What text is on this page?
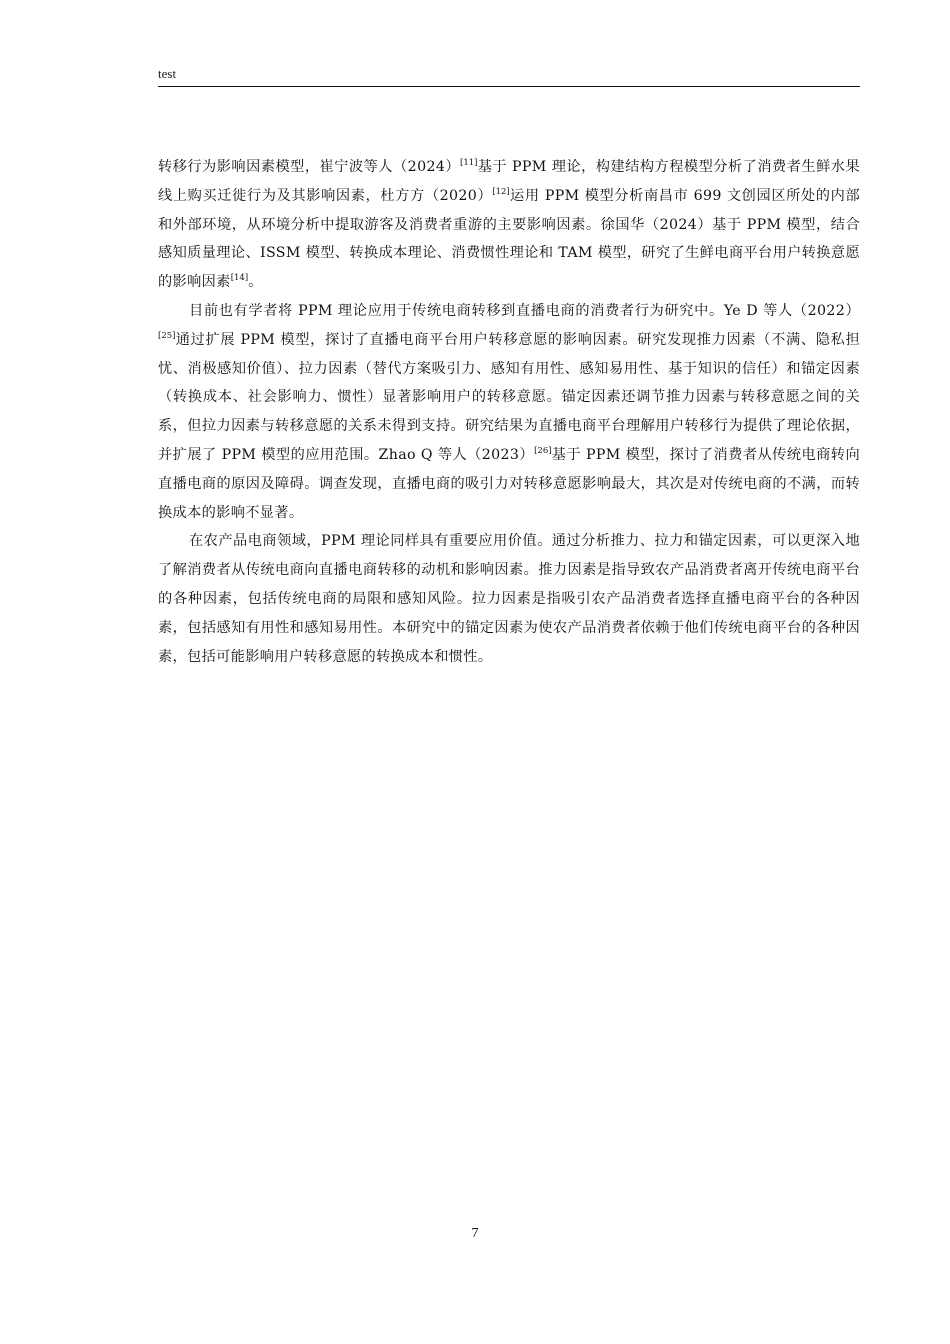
test

转移行为影响因素模型，崔宁波等人（2024）[11]基于 PPM 理论，构建结构方程模型分析了消费者生鲜水果线上购买迁徙行为及其影响因素，杜方方（2020）[12]运用 PPM 模型分析南昌市 699 文创园区所处的内部和外部环境，从环境分析中提取游客及消费者重游的主要影响因素。徐国华（2024）基于 PPM 模型，结合感知质量理论、ISSM 模型、转换成本理论、消费惯性理论和 TAM 模型，研究了生鲜电商平台用户转换意愿的影响因素[14]。

目前也有学者将 PPM 理论应用于传统电商转移到直播电商的消费者行为研究中。Ye D 等人（2022）[25]通过扩展 PPM 模型，探讨了直播电商平台用户转移意愿的影响因素。研究发现推力因素（不满、隐私担忧、消极感知价值）、拉力因素（替代方案吸引力、感知有用性、感知易用性、基于知识的信任）和锚定因素（转换成本、社会影响力、惯性）显著影响用户的转移意愿。锚定因素还调节推力因素与转移意愿之间的关系，但拉力因素与转移意愿的关系未得到支持。研究结果为直播电商平台理解用户转移行为提供了理论依据，并扩展了 PPM 模型的应用范围。Zhao Q 等人（2023）[26]基于 PPM 模型，探讨了消费者从传统电商转向直播电商的原因及障碍。调查发现，直播电商的吸引力对转移意愿影响最大，其次是对传统电商的不满，而转换成本的影响不显著。

在农产品电商领域，PPM 理论同样具有重要应用价值。通过分析推力、拉力和锚定因素，可以更深入地了解消费者从传统电商向直播电商转移的动机和影响因素。推力因素是指导致农产品消费者离开传统电商平台的各种因素，包括传统电商的局限和感知风险。拉力因素是指吸引农产品消费者选择直播电商平台的各种因素，包括感知有用性和感知易用性。本研究中的锚定因素为使农产品消费者依赖于他们传统电商平台的各种因素，包括可能影响用户转移意愿的转换成本和惯性。

7
